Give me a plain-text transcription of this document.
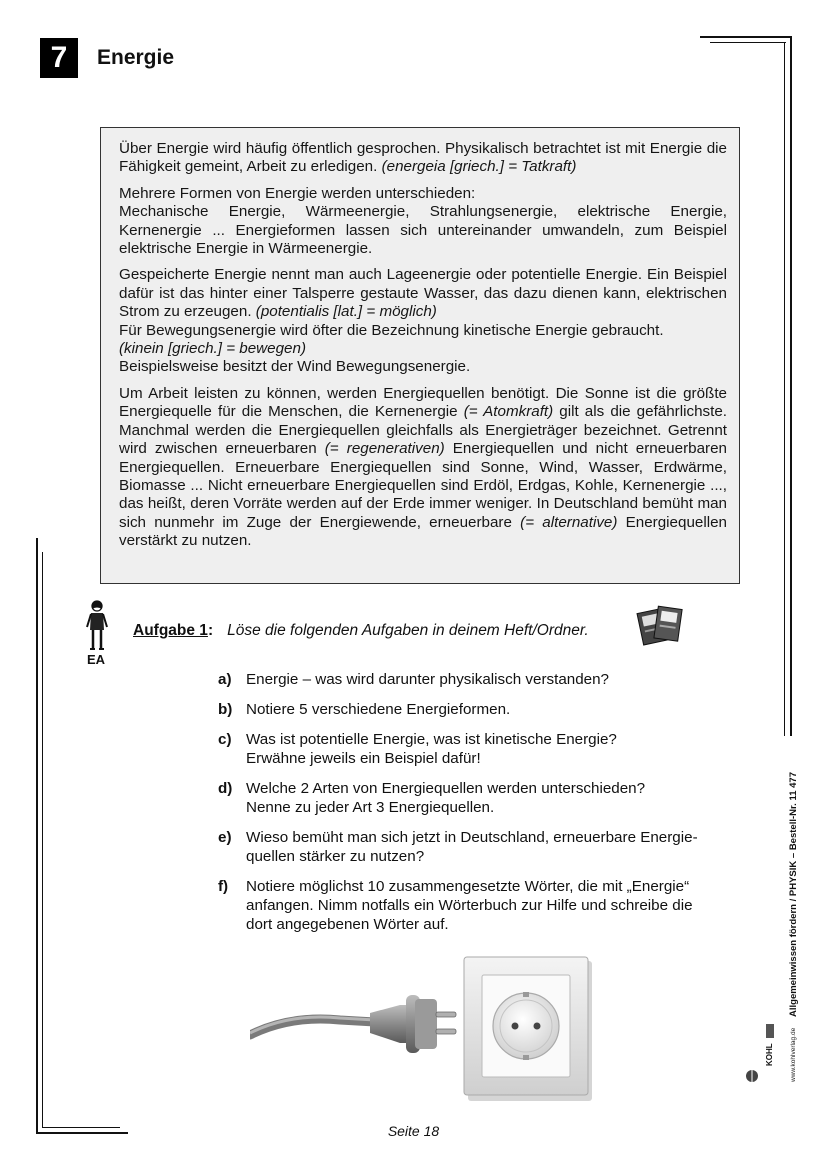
7	Energie

Über Energie wird häufig öffentlich gesprochen. Physikalisch betrachtet ist mit Energie die Fähigkeit gemeint, Arbeit zu erledigen. (energeia [griech.] = Tatkraft)

Mehrere Formen von Energie werden unterschieden:
Mechanische Energie, Wärmeenergie, Strahlungsenergie, elektrische Energie, Kernenergie ... Energieformen lassen sich untereinander umwandeln, zum Beispiel elektrische Energie in Wärmeenergie.

Gespeicherte Energie nennt man auch Lageenergie oder potentielle Energie. Ein Beispiel dafür ist das hinter einer Talsperre gestaute Wasser, das dazu dienen kann, elektrischen Strom zu erzeugen. (potentialis [lat.] = möglich)
Für Bewegungsenergie wird öfter die Bezeichnung kinetische Energie gebraucht.
(kinein [griech.] = bewegen)
Beispielsweise besitzt der Wind Bewegungsenergie.

Um Arbeit leisten zu können, werden Energiequellen benötigt. Die Sonne ist die größte Energiequelle für die Menschen, die Kernenergie (= Atomkraft) gilt als die gefährlichste. Manchmal werden die Energiequellen gleichfalls als Energieträger bezeichnet. Getrennt wird zwischen erneuerbaren (= regenerativen) Energiequellen und nicht erneuerbaren Energiequellen. Erneuerbare Energiequellen sind Sonne, Wind, Wasser, Erdwärme, Biomasse ... Nicht erneuerbare Energiequellen sind Erdöl, Erdgas, Kohle, Kernenergie ..., das heißt, deren Vorräte werden auf der Erde immer weniger. In Deutschland bemüht man sich nunmehr im Zuge der Energiewende, erneuerbare (= alternative) Energiequellen verstärkt zu nutzen.

EA
Aufgabe 1: Löse die folgenden Aufgaben in deinem Heft/Ordner.
a) Energie – was wird darunter physikalisch verstanden?
b) Notiere 5 verschiedene Energieformen.
c) Was ist potentielle Energie, was ist kinetische Energie?
Erwähne jeweils ein Beispiel dafür!
d) Welche 2 Arten von Energiequellen werden unterschieden?
Nenne zu jeder Art 3 Energiequellen.
e) Wieso bemüht man sich jetzt in Deutschland, erneuerbare Energie-
quellen stärker zu nutzen?
f)	Notiere möglichst 10 zusammengesetzte Wörter, die mit „Energie“
anfangen. Nimm notfalls ein Wörterbuch zur Hilfe und schreibe die
dort angegebenen Wörter auf.
Seite 18
Allgemeinwissen fördern / PHYSIK – Bestell-Nr. 11 477
www.kohlverlag.de
KOHL
